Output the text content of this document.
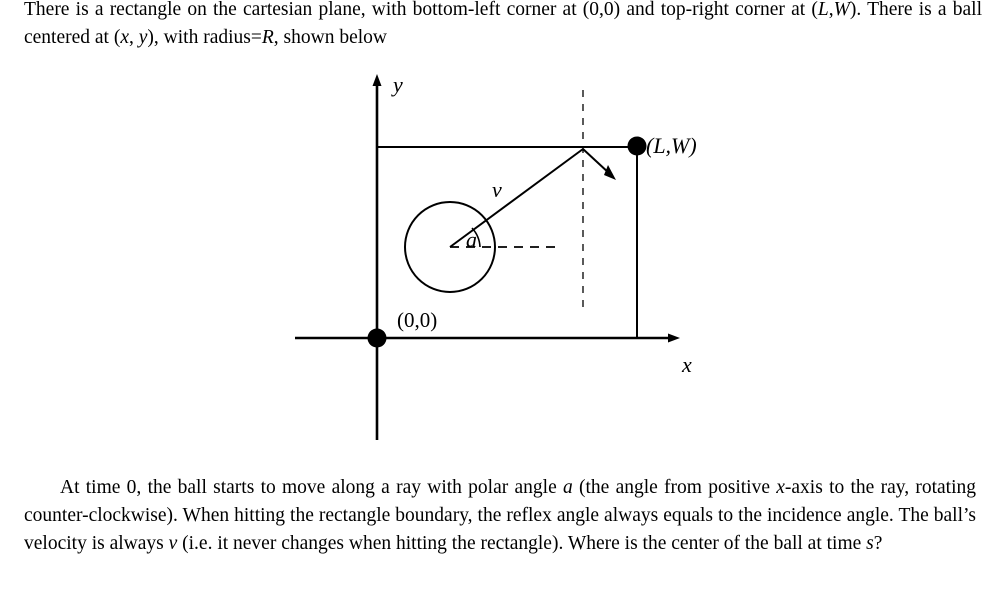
There is a rectangle on the cartesian plane, with bottom-left corner at (0,0) and top-right corner at (L,W). There is a ball centered at (x, y), with radius=R, shown below
y
x
v
a
(0,0)
(L,W)
At time 0, the ball starts to move along a ray with polar angle a (the angle from positive x-axis to the ray, rotating counter-clockwise). When hitting the rectangle boundary, the reflex angle always equals to the incidence angle. The ball’s velocity is always v (i.e. it never changes when hitting the rectangle). Where is the center of the ball at time s?
